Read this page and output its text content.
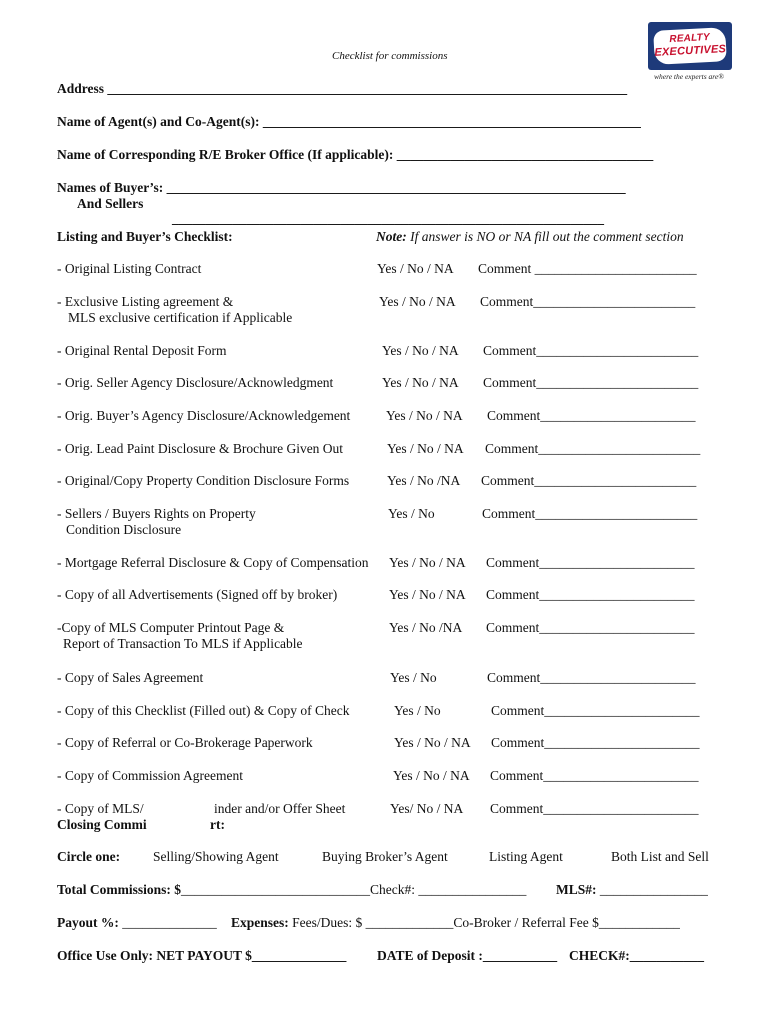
Checklist for commissions
REALTY
EXECUTIVES
where the experts are®
Address _____________________________________________________________________________
Name of Agent(s) and Co-Agent(s): ________________________________________________________
Name of Corresponding R/E Broker Office (If applicable): ______________________________________
Names of Buyer’s: ____________________________________________________________________
And Sellers
________________________________________________________________
Listing and Buyer’s Checklist:	Note: If answer is NO or NA fill out the comment section
- Original Listing Contract	Yes / No / NA Comment ________________________
- Exclusive Listing agreement &
MLS exclusive certification if Applicable
Yes / No / NA Comment________________________
- Original Rental Deposit Form	Yes / No / NA Comment________________________
- Orig. Seller Agency Disclosure/Acknowledgment	Yes / No / NA Comment________________________
- Orig. Buyer’s Agency Disclosure/Acknowledgement	Yes / No / NA Comment_______________________
- Orig. Lead Paint Disclosure & Brochure Given Out	Yes / No / NA Comment________________________
- Original/Copy Property Condition Disclosure Forms	Yes / No /NA Comment________________________
- Sellers / Buyers Rights on Property
Condition Disclosure
Yes / No	Comment________________________
- Mortgage Referral Disclosure & Copy of Compensation Yes / No / NA Comment_______________________
- Copy of all Advertisements (Signed off by broker)	Yes / No / NA Comment_______________________
-Copy of MLS Computer Printout Page &
Report of Transaction To MLS if Applicable
Yes / No /NA Comment_______________________
- Copy of Sales Agreement	Yes / No	Comment_______________________
- Copy of this Checklist (Filled out) & Copy of Check	Yes / No	Comment_______________________
- Copy of Referral or Co-Brokerage Paperwork	Yes / No / NA Comment_______________________
- Copy of Commission Agreement	Yes / No / NA Comment_______________________
- Copy of MLS/	inder and/or Offer Sheet	Yes/ No / NA Comment_______________________
Closing Commi	rt:
Circle one: Selling/Showing Agent	Buying Broker’s Agent	Listing Agent	Both List and Sell
Total Commissions: $____________________________Check#: ________________ MLS#: ________________
Payout %: ______________ Expenses: Fees/Dues: $ _____________Co-Broker / Referral Fee $____________
Office Use Only: NET PAYOUT $______________ DATE of Deposit :___________ CHECK#:___________
